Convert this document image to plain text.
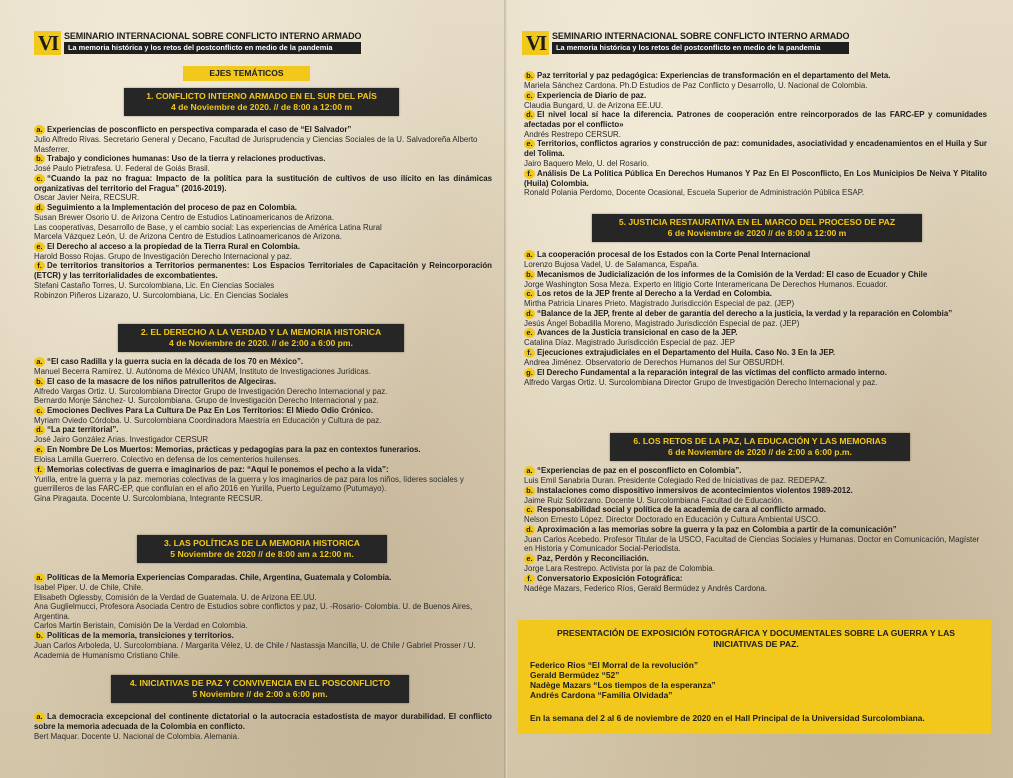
VI SEMINARIO INTERNACIONAL SOBRE CONFLICTO INTERNO ARMADO
La memoria histórica y los retos del postconflicto en medio de la pandemia
EJES TEMÁTICOS
1. CONFLICTO INTERNO ARMADO EN EL SUR DEL PAÍS
4 de Noviembre de 2020. // de 8:00 a 12:00 m

a. Experiencias de posconflicto en perspectiva comparada el caso de “El Salvador”

Julio Alfredo Rivas. Secretario General y Decano, Facultad de Jurisprudencia y Ciencias Sociales de la U. Salvadoreña Alberto Masferrer.

b. Trabajo y condiciones humanas: Uso de la tierra y relaciones productivas.

José Paulo Pietrafesa. U. Federal de Goiás Brasil.

c. “Cuando la paz no fragua: Impacto de la política para la sustitución de cultivos de uso ilícito en las dinámicas organizativas del territorio del Fragua” (2016-2019).

Oscar Javier Neira, RECSUR.

d. Seguimiento a la Implementación del proceso de paz en Colombia.

Susan Brewer Osorio U. de Arizona Centro de Estudios Latinoamericanos de Arizona.

Las cooperativas, Desarrollo de Base, y el cambio social: Las experiencias de América Latina Rural

Marcela Vázquez León, U. de Arizona Centro de Estudios Latinoamericanos de Arizona.

e. El Derecho al acceso a la propiedad de la Tierra Rural en Colombia.

Harold Bosso Rojas. Grupo de Investigación Derecho Internacional y paz.

f. De territorios transitorios a Territorios permanentes: Los Espacios Territoriales de Capacitación y Reincorporación (ETCR) y las territorialidades de excombatientes.

Stefani Castaño Torres, U. Surcolombiana, Lic. En Ciencias Sociales

Robinzon Piñeros Lizarazo, U. Surcolombiana, Lic. En Ciencias Sociales

2. EL DERECHO A LA VERDAD Y LA MEMORIA HISTORICA
4 de Noviembre de 2020. // de 2:00 a 6:00 pm.

a. “El caso Radilla y la guerra sucia en la década de los 70 en México”.

Manuel Becerra Ramírez. U. Autónoma de México UNAM, Instituto de Investigaciones Jurídicas.

b. El caso de la masacre de los niños patrulleritos de Algeciras.

Alfredo Vargas Ortiz. U. Surcolombiana Director Grupo de Investigación Derecho Internacional y paz.

Bernardo Monje Sánchez- U. Surcolombiana. Grupo de Investigación Derecho Internacional y paz.

c. Emociones Declives Para La Cultura De Paz En Los Territorios: El Miedo Odio Crónico.

Myriam Oviedo Córdoba. U. Surcolombiana Coordinadora Maestría en Educación y Cultura de paz.

d. “La paz territorial”.

José Jairo González Arias. Investigador CERSUR

e. En Nombre De Los Muertos: Memorias, prácticas y pedagogías para la paz en contextos funerarios.

Eloisa Lamilla Guerrero. Colectivo en defensa de los cementerios huilenses.

f. Memorias colectivas de guerra e imaginarios de paz: “Aquí le ponemos el pecho a la vida”:

Yurilla, entre la guerra y la paz. memorias colectivas de la guerra y los imaginarios de paz para los niños, líderes sociales y guerrilleros de las FARC-EP, que confluían en el año 2016 en Yurilla, Puerto Leguízamo (Putumayo).

Gina Piragauta. Docente U. Surcolombiana, Integrante RECSUR.

3. LAS POLÍTICAS DE LA MEMORIA HISTORICA
5 Noviembre de 2020 // de 8:00 am a 12:00 m.

a. Políticas de la Memoria Experiencias Comparadas. Chile, Argentina, Guatemala y Colombia.

Isabel Piper. U. de Chile, Chile.

Elisabeth Oglessby, Comisión de la Verdad de Guatemala. U. de Arizona EE.UU.

Ana Guglielmucci, Profesora Asociada Centro de Estudios sobre conflictos y paz, U. -Rosario- Colombia. U. de Buenos Aires, Argentina.

Carlos Martin Beristain, Comisión De la Verdad en Colombia.

b. Políticas de la memoria, transiciones y territorios.

Juan Carlos Arboleda, U. Surcolombiana. / Margarita Vélez, U. de Chile / Nastassja Mancilla, U. de Chile / Gabriel Prosser / U. Academia de Humanismo Cristiano Chile.

4. INICIATIVAS DE PAZ Y CONVIVENCIA EN EL POSCONFLICTO
5 Noviembre // de 2:00 a 6:00 pm.

a. La democracia excepcional del continente dictatorial o la autocracia estadostista de mayor durabilidad. El conflicto sobre la memoria adecuada de la Colombia en conflicto.

Bert Maquar. Docente U. Nacional de Colombia. Alemania.

VI SEMINARIO INTERNACIONAL SOBRE CONFLICTO INTERNO ARMADO
La memoria histórica y los retos del postconflicto en medio de la pandemia

b. Paz territorial y paz pedagógica: Experiencias de transformación en el departamento del Meta.

Mariela Sánchez Cardona. Ph.D Estudios de Paz Conflicto y Desarrollo, U. Nacional de Colombia.

c. Experiencia de Diario de paz.

Claudia Bungard, U. de Arizona EE.UU.

d. El nivel local sí hace la diferencia. Patrones de cooperación entre reincorporados de las FARC-EP y comunidades afectadas por el conflicto»

Andrés Restrepo CERSUR.

e. Territorios, conflictos agrarios y construcción de paz: comunidades, asociatividad y encadenamientos en el Huila y Sur del Tolima.

Jairo Baquero Melo, U. del Rosario.

f. Análisis De La Política Pública En Derechos Humanos Y Paz En El Posconflicto, En Los Municipios De Neiva Y Pitalito (Huila) Colombia.

Ronald Polania Perdomo, Docente Ocasional, Escuela Superior de Administración Pública ESAP.

5. JUSTICIA RESTAURATIVA EN EL MARCO DEL PROCESO DE PAZ
6 de Noviembre de 2020 // de 8:00 a 12:00 m

a. La cooperación procesal de los Estados con la Corte Penal Internacional

Lorenzo Bujosa Vadel, U. de Salamanca, España.

b. Mecanismos de Judicialización de los informes de la Comisión de la Verdad: El caso de Ecuador y Chile

Jorge Washington Sosa Meza. Experto en litigio Corte Interamericana De Derechos Humanos. Ecuador.

c. Los retos de la JEP frente al Derecho a la Verdad en Colombia.

Mirtha Patricia Linares Prieto. Magistrado Jurisdicción Especial de paz. (JEP)

d. “Balance de la JEP, frente al deber de garantía del derecho a la justicia, la verdad y la reparación en Colombia”

Jesús Ángel Bobadilla Moreno, Magistrado Jurisdicción Especial de paz. (JEP)

e. Avances de la Justicia transicional en caso de la JEP.

Catalina Díaz. Magistrado Jurisdicción Especial de paz. JEP

f. Ejecuciones extrajudiciales en el Departamento del Huila. Caso No. 3 En la JEP.

Andrea Jiménez. Observatorio de Derechos Humanos del Sur OBSURDH.

g. El Derecho Fundamental a la reparación integral de las víctimas del conflicto armado interno.

Alfredo Vargas Ortiz. U. Surcolombiana Director Grupo de Investigación Derecho Internacional y paz.

6. LOS RETOS DE LA PAZ, LA EDUCACIÓN Y LAS MEMORIAS
6 de Noviembre de 2020 // de 2:00 a 6:00 p.m.

a. “Experiencias de paz en el posconflicto en Colombia”.

Luis Emil Sanabria Duran. Presidente Colegiado Red de Iniciativas de paz. REDEPAZ.

b. Instalaciones como dispositivo inmersivos de acontecimientos violentos 1989-2012.

Jaime Ruiz Solórzano. Docente U. Surcolombiana Facultad de Educación.

c. Responsabilidad social y política de la academia de cara al conflicto armado.

Nelson Ernesto López. Director Doctorado en Educación y Cultura Ambiental USCO.

d. Aproximación a las memorias sobre la guerra y la paz en Colombia a partir de la comunicación”

Juan Carlos Acebedo. Profesor Titular de la USCO, Facultad de Ciencias Sociales y Humanas. Doctor en Comunicación, Magíster en Historia y Comunicador Social-Periodista.

e. Paz, Perdón y Reconciliación.

Jorge Lara Restrepo. Activista por la paz de Colombia.

f. Conversatorio Exposición Fotográfica:

Nadège Mazars, Federico Ríos, Gerald Bermúdez y Andrés Cardona.

PRESENTACIÓN DE EXPOSICIÓN FOTOGRÁFICA Y DOCUMENTALES SOBRE LA GUERRA Y LAS INICIATIVAS DE PAZ.
Federico Rios “El Morral de la revolución”
Gerald Bermúdez “52”
Nadège Mazars “Los tiempos de la esperanza”
Andrés Cardona “Familia Olvidada”
En la semana del 2 al 6 de noviembre de 2020 en el Hall Principal de la Universidad Surcolombiana.
